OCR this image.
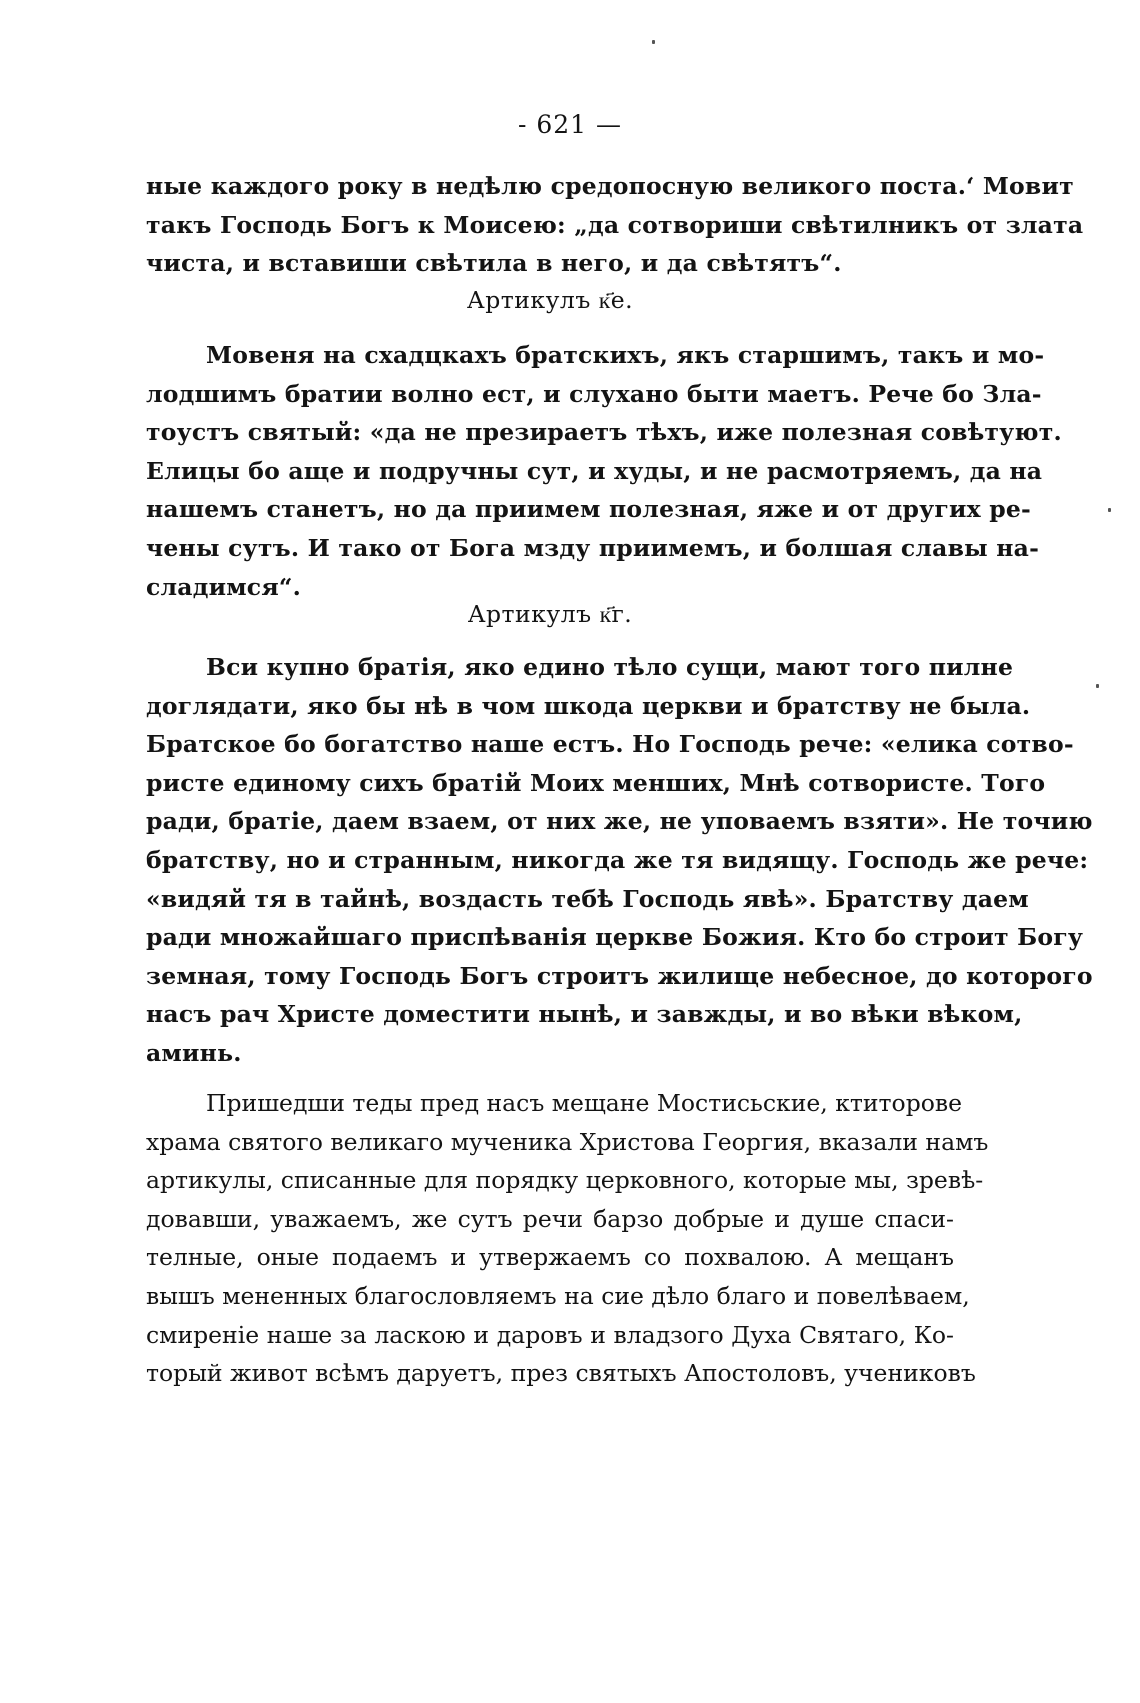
- 621 —
ные каждого року в недѣлю средопосную великого поста.ʻ Мовит
такъ Господь Богъ к Моисею: „да сотвориши свѣтилникъ от злата
чиста, и вставиши свѣтила в него, и да свѣтятъ“.
Артикулъ к҃е.
Мовеня на схадцкахъ братскихъ, якъ старшимъ, такъ и мо-
лодшимъ братии волно ест, и слухано быти маетъ. Рече бо Зла-
тоустъ святый: «да не презираетъ тѣхъ, иже полезная совѣтуют.
Елицы бо аще и подручны сут, и худы, и не расмотряемъ, да на
нашемъ станетъ, но да приимем полезная, яже и от других ре-
чены сутъ. И тако от Бога мзду приимемъ, и болшая славы на-
сладимся“.
Артикулъ к҃г.
Вси купно братія, яко едино тѣло сущи, мают того пилне
доглядати, яко бы нѣ в чом шкода церкви и братству не была.
Братское бо богатство наше естъ. Но Господь рече: «елика сотво-
ристе единому сихъ братій Моих менших, Мнѣ сотвористе. Того
ради, братіе, даем взаем, от них же, не уповаемъ взяти». Не точию
братству, но и странным, никогда же тя видящу. Господь же рече:
«видяй тя в тайнѣ, воздасть тебѣ Господь явѣ». Братству даем
ради множайшаго приспѣванія церкве Божия. Кто бо строит Богу
земная, тому Господь Богъ строитъ жилище небесное, до которого
насъ рач Христе доместити нынѣ, и завжды, и во вѣки вѣком,
аминь.
Пришедши теды пред насъ мещане Мостисьские, ктиторове
храма святого великаго мученика Христова Георгия, вказали намъ
артикулы, списанные для порядку церковного, которые мы, зревѣ-
довавши, уважаемъ, же сутъ речи барзо добрые и душе спаси-
телные, оные подаемъ и утвержаемъ со похвалою. А мещанъ
вышъ мененных благословляемъ на сие дѣло благо и повелѣваем,
смиреніе наше за ласкою и даровъ и владзого Духа Святаго, Ко-
торый живот всѣмъ даруетъ, през святыхъ Апостоловъ, учениковъ
